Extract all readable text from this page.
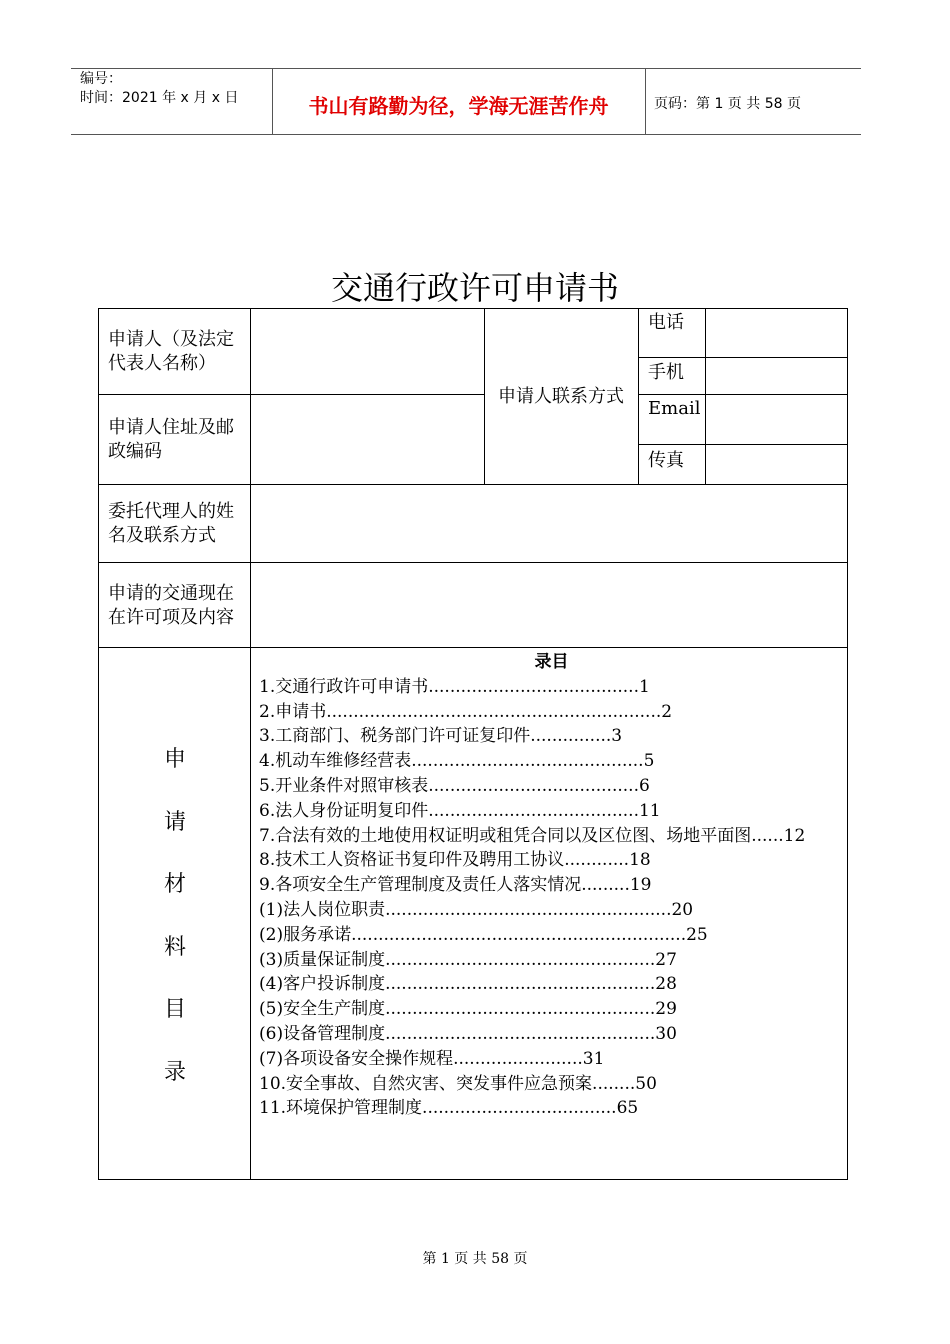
编号：
时间：2021 年 x 月 x 日	书山有路勤为径，学海无涯苦作舟	页码：第 1 页 共 58 页
交通行政许可申请书
申请人（及法定代表人名称）
申请人住址及邮政编码
申请人联系方式
电话
手机
Email
传真
委托代理人的姓名及联系方式
申请的交通现在在许可项及内容
申
请
材
料
目
录
录目
1.交通行政许可申请书.......................................1
2.申请书..............................................................2
3.工商部门、税务部门许可证复印件...............3
4.机动车维修经营表...........................................5
5.开业条件对照审核表.......................................6
6.法人身份证明复印件.......................................11
7.合法有效的土地使用权证明或租凭合同以及区位图、场地平面图......12
8.技术工人资格证书复印件及聘用工协议............18
9.各项安全生产管理制度及责任人落实情况.........19
(1)法人岗位职责.....................................................20
(2)服务承诺..............................................................25
(3)质量保证制度..................................................27
(4)客户投诉制度..................................................28
(5)安全生产制度..................................................29
(6)设备管理制度..................................................30
(7)各项设备安全操作规程........................31
10.安全事故、自然灾害、突发事件应急预案........50
11.环境保护管理制度....................................65
第 1 页 共 58 页
